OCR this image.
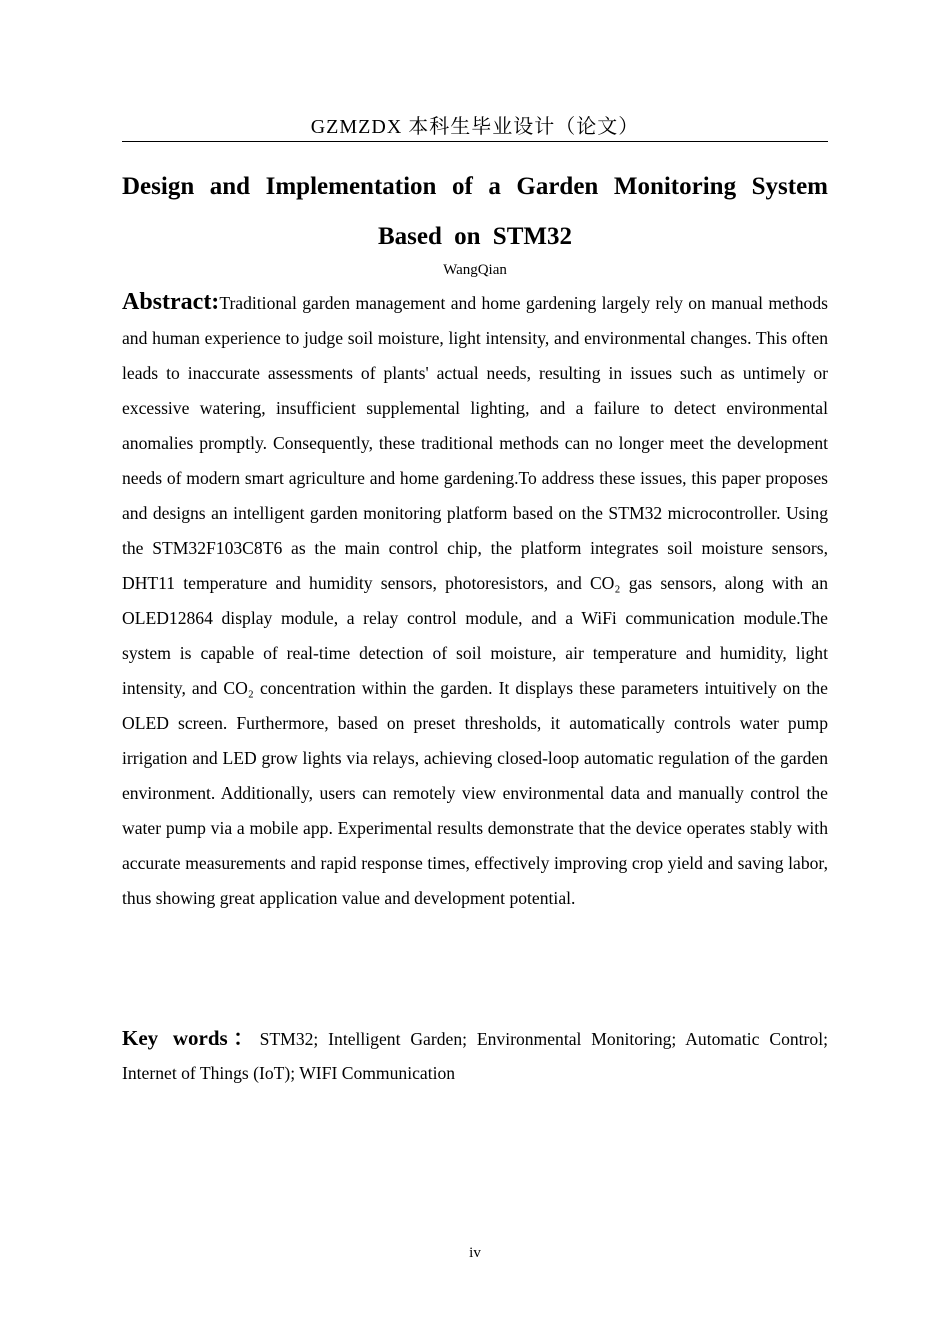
GZMZDX 本科生毕业设计（论文）
Design and Implementation of a Garden Monitoring System
Based on STM32
WangQian

Abstract:Traditional garden management and home gardening largely rely on manual methods and human experience to judge soil moisture, light intensity, and environmental changes. This often leads to inaccurate assessments of plants' actual needs, resulting in issues such as untimely or excessive watering, insufficient supplemental lighting, and a failure to detect environmental anomalies promptly. Consequently, these traditional methods can no longer meet the development needs of modern smart agriculture and home gardening.To address these issues, this paper proposes and designs an intelligent garden monitoring platform based on the STM32 microcontroller. Using the STM32F103C8T6 as the main control chip, the platform integrates soil moisture sensors, DHT11 temperature and humidity sensors, photoresistors, and CO₂ gas sensors, along with an OLED12864 display module, a relay control module, and a WiFi communication module.The system is capable of real-time detection of soil moisture, air temperature and humidity, light intensity, and CO₂ concentration within the garden. It displays these parameters intuitively on the OLED screen. Furthermore, based on preset thresholds, it automatically controls water pump irrigation and LED grow lights via relays, achieving closed-loop automatic regulation of the garden environment. Additionally, users can remotely view environmental data and manually control the water pump via a mobile app. Experimental results demonstrate that the device operates stably with accurate measurements and rapid response times, effectively improving crop yield and saving labor, thus showing great application value and development potential.

Key words：STM32; Intelligent Garden; Environmental Monitoring; Automatic Control; Internet of Things (IoT); WIFI Communication

iv
